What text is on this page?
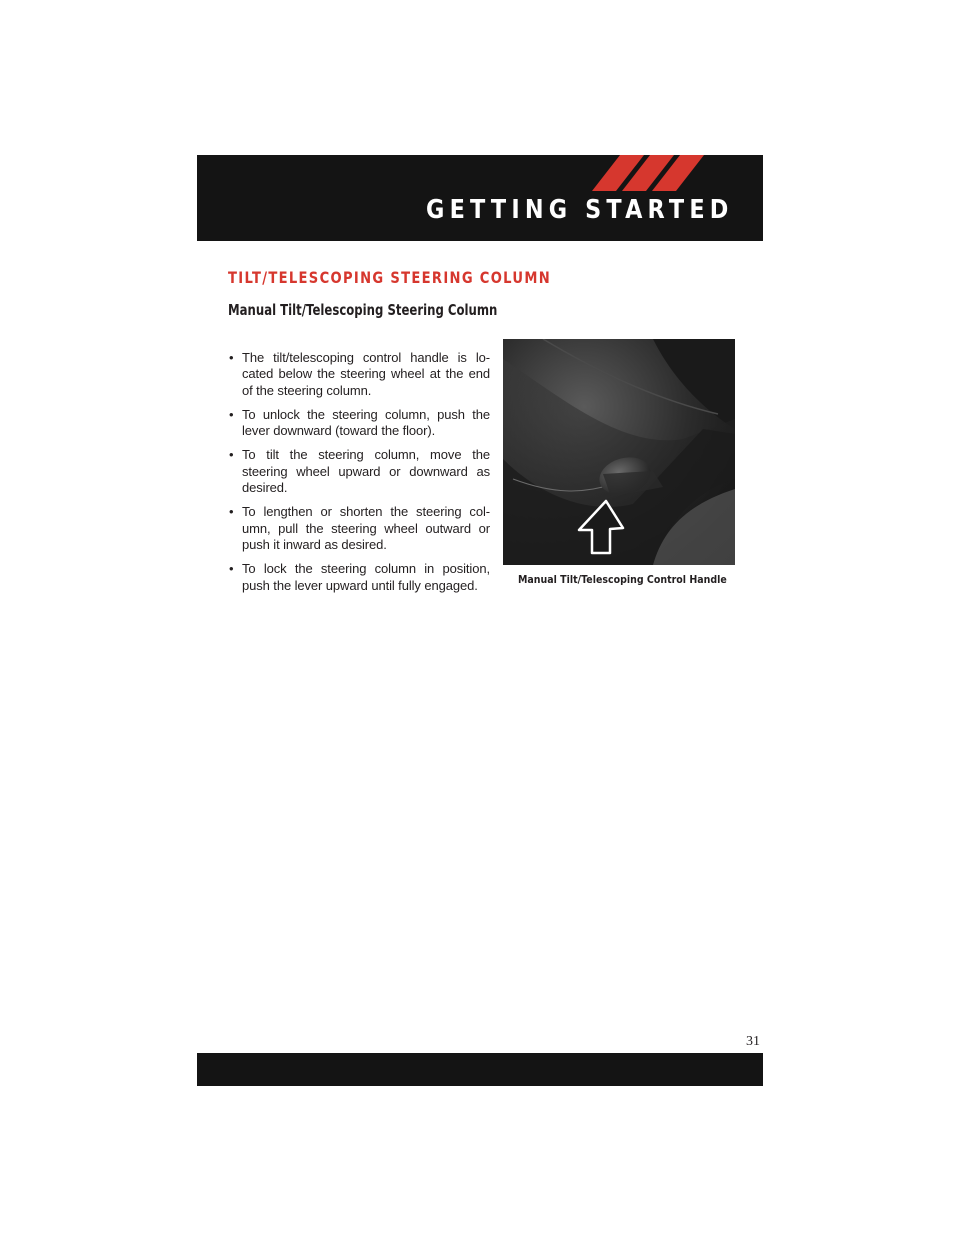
GETTING STARTED
TILT/TELESCOPING STEERING COLUMN
Manual Tilt/Telescoping Steering Column
• The tilt/telescoping control handle is lo-cated below the steering wheel at the end of the steering column.
• To unlock the steering column, push the lever downward (toward the floor).
• To tilt the steering column, move the steering wheel upward or downward as desired.
• To lengthen or shorten the steering col-umn, pull the steering wheel outward or push it inward as desired.
• To lock the steering column in position, push the lever upward until fully engaged.	Manual Tilt/Telescoping Control Handle
31
